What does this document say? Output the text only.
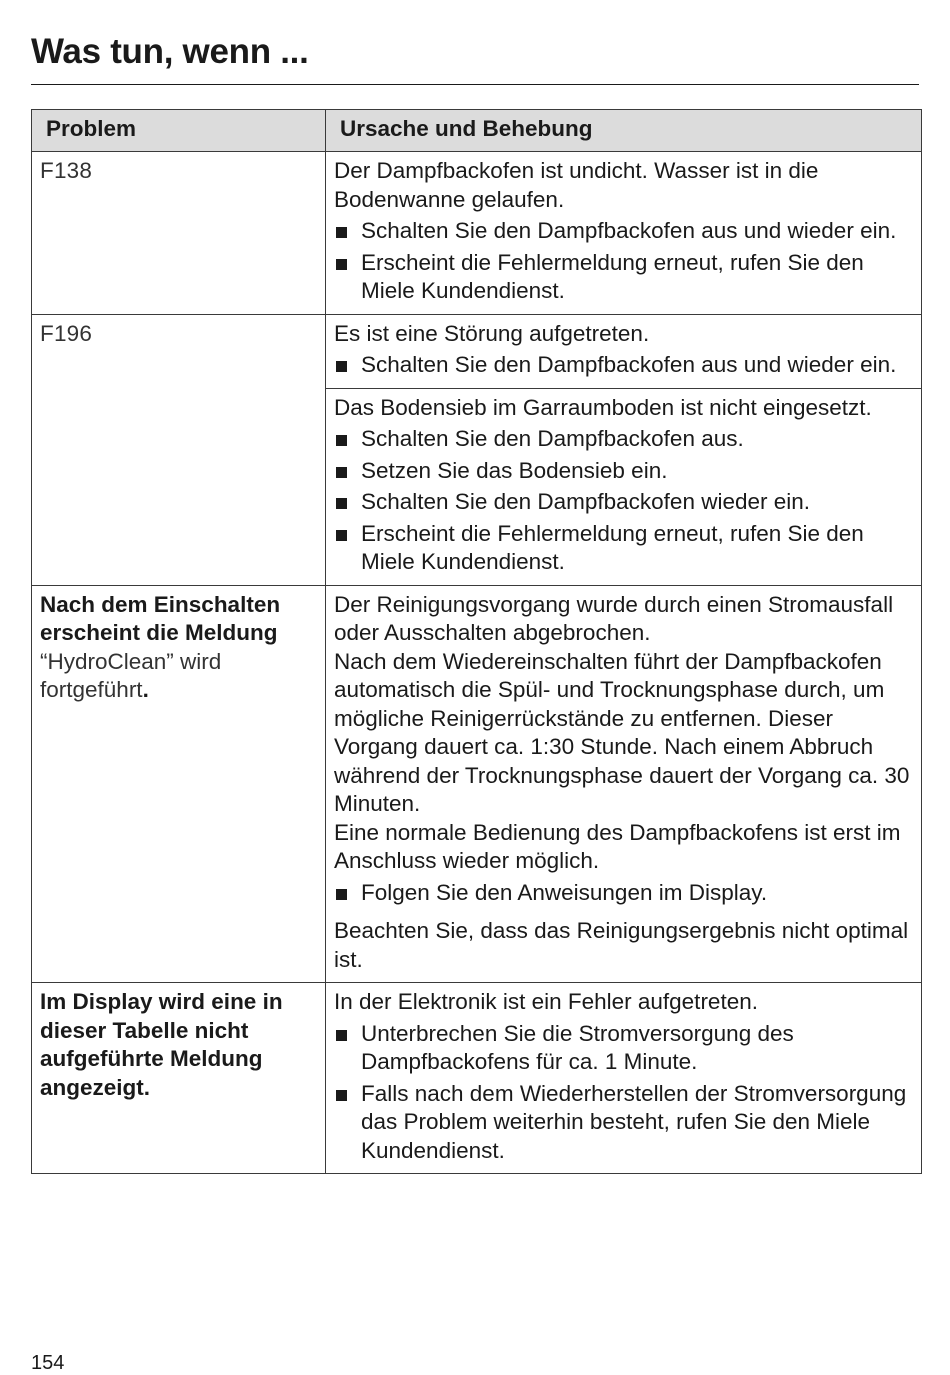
Was tun, wenn ...
Problem	Ursache und Behebung
F138	Der Dampfbackofen ist undicht. Wasser ist in die Bodenwanne gelaufen.

Schalten Sie den Dampfbackofen aus und wieder ein.
Erscheint die Fehlermeldung erneut, rufen Sie den Miele Kundendienst.

F196	Es ist eine Störung aufgetreten.

Schalten Sie den Dampfbackofen aus und wieder ein.

	Das Bodensieb im Garraumboden ist nicht eingesetzt.

Schalten Sie den Dampfbackofen aus.
Setzen Sie das Bodensieb ein.
Schalten Sie den Dampfbackofen wieder ein.
Erscheint die Fehlermeldung erneut, rufen Sie den Miele Kundendienst.

Nach dem Einschalten erscheint die Meldung “HydroClean” wird fortgeführt.	Der Reinigungsvorgang wurde durch einen Stromausfall oder Ausschalten abgebrochen.

Nach dem Wiedereinschalten führt der Dampfbackofen automatisch die Spül- und Trocknungsphase durch, um mögliche Reinigerrückstände zu entfernen. Dieser Vorgang dauert ca. 1:30 Stunde. Nach einem Abbruch während der Trocknungsphase dauert der Vorgang ca. 30 Minuten.

Eine normale Bedienung des Dampfbackofens ist erst im Anschluss wieder möglich.

Folgen Sie den Anweisungen im Display.

Beachten Sie, dass das Reinigungsergebnis nicht optimal ist.

Im Display wird eine in dieser Tabelle nicht aufgeführte Meldung angezeigt.	In der Elektronik ist ein Fehler aufgetreten.

Unterbrechen Sie die Stromversorgung des Dampfbackofens für ca. 1 Minute.
Falls nach dem Wiederherstellen der Stromversorgung das Problem weiterhin besteht, rufen Sie den Miele Kundendienst.
154
